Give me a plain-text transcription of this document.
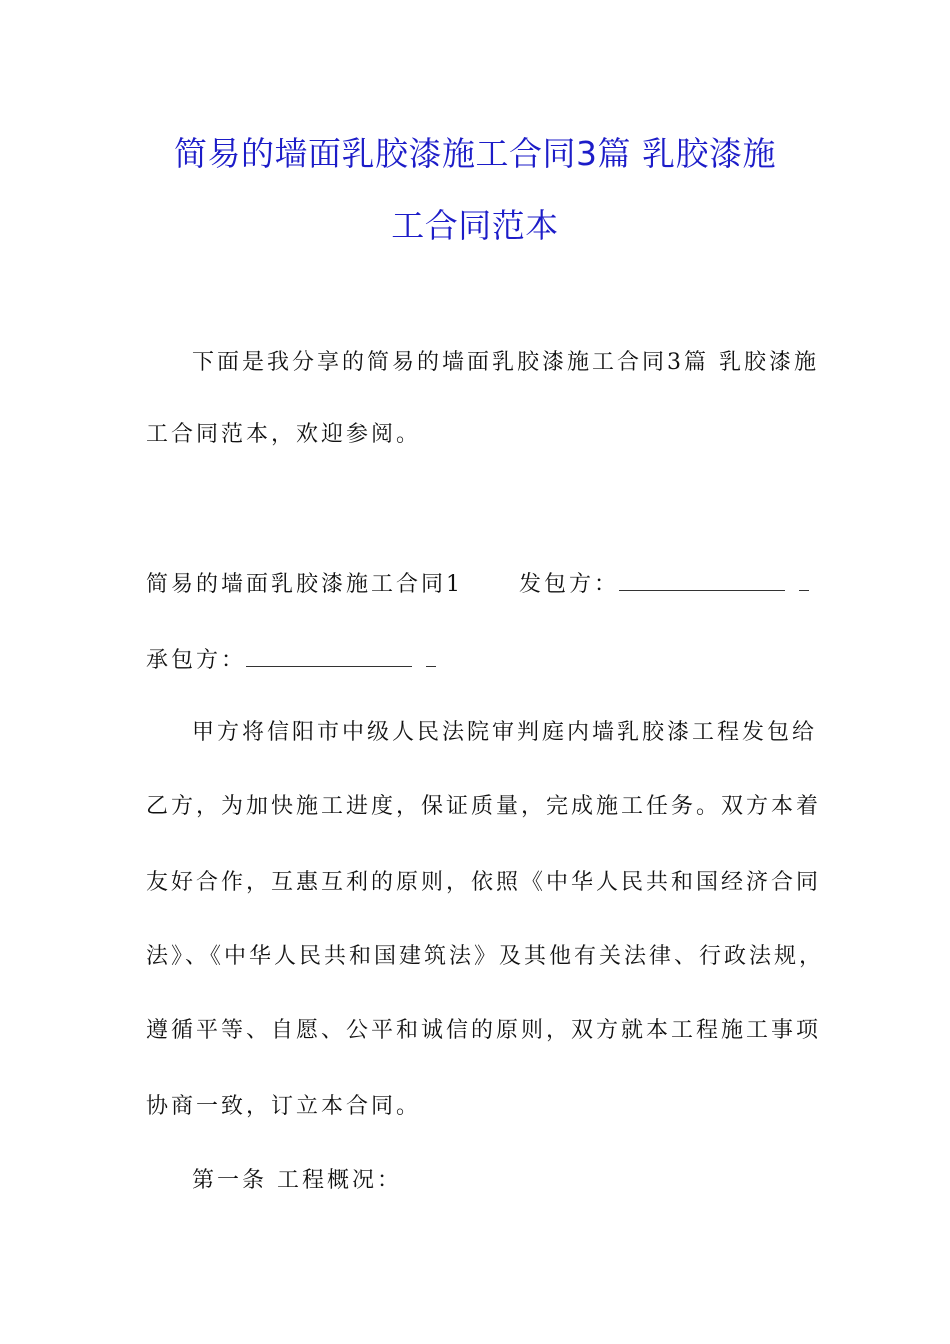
简易的墙面乳胶漆施工合同3篇 乳胶漆施
工合同范本
下面是我分享的简易的墙面乳胶漆施工合同3篇 乳胶漆施
工合同范本，欢迎参阅。
简易的墙面乳胶漆施工合同1	发包方：
承包方：
甲方将信阳市中级人民法院审判庭内墙乳胶漆工程发包给
乙方，为加快施工进度，保证质量，完成施工任务。双方本着
友好合作，互惠互利的原则，依照《中华人民共和国经济合同
法》、《中华人民共和国建筑法》及其他有关法律、行政法规，
遵循平等、自愿、公平和诚信的原则，双方就本工程施工事项
协商一致，订立本合同。
第一条 工程概况：
